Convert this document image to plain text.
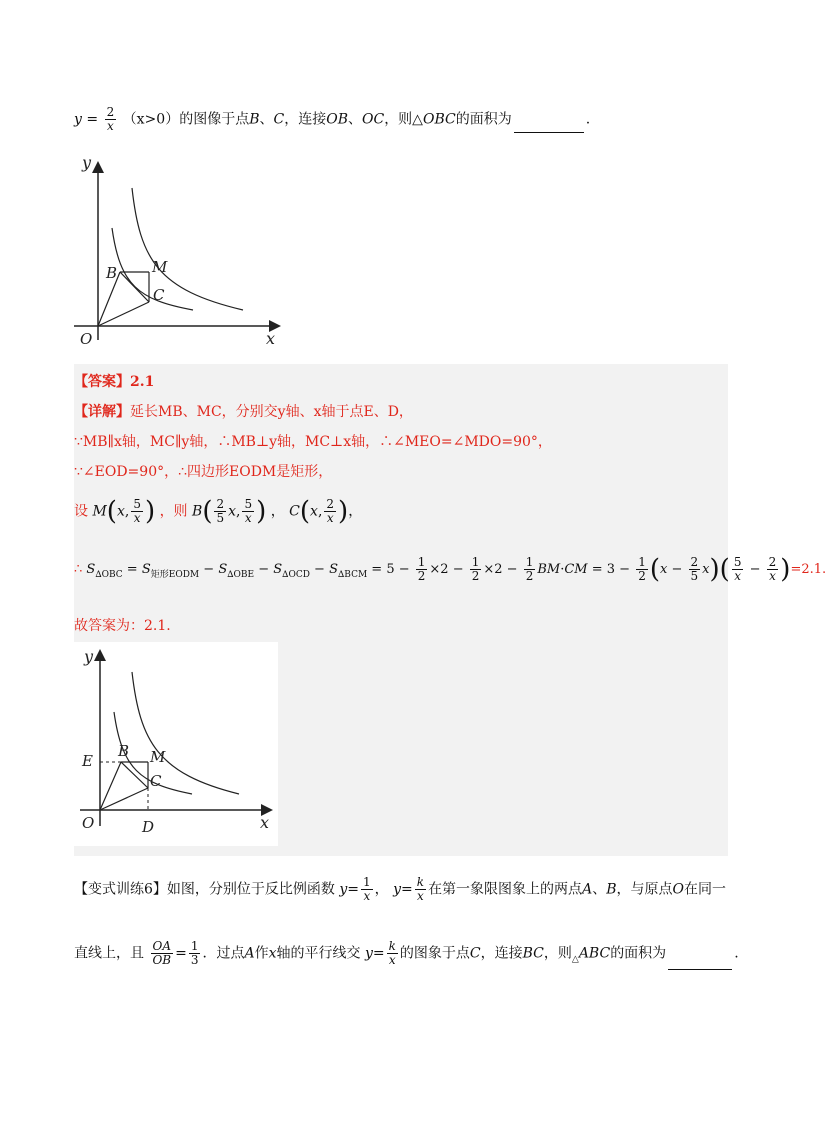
$y = \frac{2}{x} (x>0)$的图像于点B、C，连接OB、OC，则△OBC的面积为	.
y
x
O
B M
C
【答案】2.1
【详解】延长MB、MC，分别交y轴、x轴于点E、D，
∵MB∥x轴，MC∥y轴，∴MB⊥y轴，MC⊥x轴，∴∠MEO=∠MDO=90°，
∵∠EOD=90°，∴四边形EODM是矩形，
设 M(x, $\frac{5}{x}$ ) ，则 $B( \frac{2}{5} x$, $\frac{5}{x}$ ) ， C(x, $\frac{2}{x}$ )，
∴ $S_{\Delta OBC} = S_{矩形EODM} - S_{\Delta OBE} - S_{\Delta OCD} - S_{\Delta BCM} = 5 - \frac{1}{2} \times 2 - \frac{1}{2} \times 2 - \frac{1}{2} BM\cdot CM = 3 - \frac{1}{2} (x - \frac{2}{5} x)( \frac{5}{x} - \frac{2}{x} )=2.1$.
故答案为：2.1.
y
x
O
E
B M
C
D
【变式训练6】如图，分别位于反比例函数 $y= \frac{1}{x}$ ， $y= \frac{k}{x}$ 在第一象限图象上的两点A、B，与原点O在同一
直线上，且 $\frac{OA}{OB} = \frac{1}{3}$ ．过点A作x轴的平行线交 $y= \frac{k}{x}$ 的图象于点C，连接BC，则$_\triangle$ABC的面积为	.
